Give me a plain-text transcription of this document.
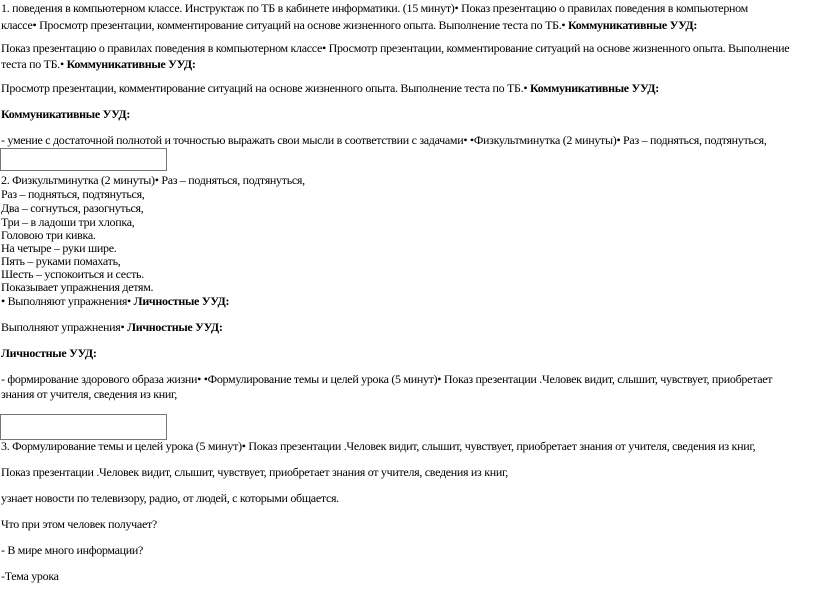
1. поведения в компьютерном классе. Инструктаж по ТБ в кабинете информатики. (15 минут)• Показ презентацию о правилах поведения в компьютерном
классе• Просмотр презентации, комментирование ситуаций на основе жизненного опыта. Выполнение теста по ТБ.• Коммуникативные УУД:
Показ презентацию о правилах поведения в компьютерном классе• Просмотр презентации, комментирование ситуаций на основе жизненного опыта. Выполнение
теста по ТБ.• Коммуникативные УУД:
Просмотр презентации, комментирование ситуаций на основе жизненного опыта. Выполнение теста по ТБ.• Коммуникативные УУД:
Коммуникативные УУД:
- умение с достаточной полнотой и точностью выражать свои мысли в соответствии с задачами• •Физкультминутка (2 минуты)• Раз – подняться, подтянуться,
2. Физкультминутка (2 минуты)• Раз – подняться, подтянуться,
Раз – подняться, подтянуться,
Два – согнуться, разогнуться,
Три – в ладоши три хлопка,
Головою три кивка.
На четыре – руки шире.
Пять – руками помахать,
Шесть – успокоиться и сесть.
Показывает упражнения детям.
• Выполняют упражнения• Личностные УУД:
Выполняют упражнения• Личностные УУД:
Личностные УУД:
- формирование здорового образа жизни• •Формулирование темы и целей урока (5 минут)• Показ презентации .Человек видит, слышит, чувствует, приобретает
знания от учителя, сведения из книг,
3. Формулирование темы и целей урока (5 минут)• Показ презентации .Человек видит, слышит, чувствует, приобретает знания от учителя, сведения из книг,
Показ презентации .Человек видит, слышит, чувствует, приобретает знания от учителя, сведения из книг,
узнает новости по телевизору, радио, от людей, с которыми общается.
Что при этом человек получает?
- В мире много информации?
-Тема урока
